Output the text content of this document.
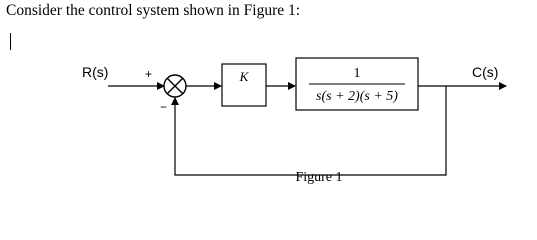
Consider the control system shown in Figure 1:
R(s)	C(s)
+
−
K	1
s(s + 2)(s + 5)
Figure 1
